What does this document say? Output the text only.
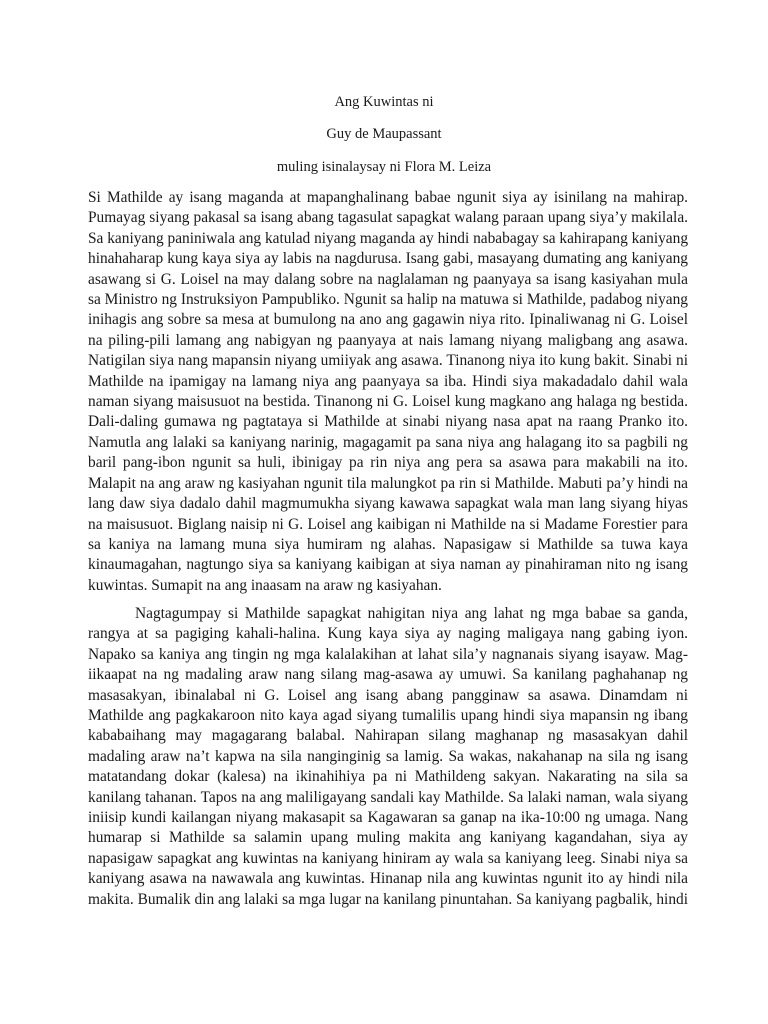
Ang Kuwintas ni
Guy de Maupassant
muling isinalaysay ni Flora M. Leiza
Si Mathilde ay isang maganda at mapanghalinang babae ngunit siya ay isinilang na mahirap.
Pumayag siyang pakasal sa isang abang tagasulat sapagkat walang paraan upang siya’y makilala.
Sa kaniyang paniniwala ang katulad niyang maganda ay hindi nababagay sa kahirapang kaniyang
hinahaharap kung kaya siya ay labis na nagdurusa. Isang gabi, masayang dumating ang kaniyang
asawang si G. Loisel na may dalang sobre na naglalaman ng paanyaya sa isang kasiyahan mula
sa Ministro ng Instruksiyon Pampubliko. Ngunit sa halip na matuwa si Mathilde, padabog niyang
inihagis ang sobre sa mesa at bumulong na ano ang gagawin niya rito. Ipinaliwanag ni G. Loisel
na piling-pili lamang ang nabigyan ng paanyaya at nais lamang niyang maligbang ang asawa.
Natigilan siya nang mapansin niyang umiiyak ang asawa. Tinanong niya ito kung bakit. Sinabi ni
Mathilde na ipamigay na lamang niya ang paanyaya sa iba. Hindi siya makadadalo dahil wala
naman siyang maisusuot na bestida. Tinanong ni G. Loisel kung magkano ang halaga ng bestida.
Dali-daling gumawa ng pagtataya si Mathilde at sinabi niyang nasa apat na raang Pranko ito.
Namutla ang lalaki sa kaniyang narinig, magagamit pa sana niya ang halagang ito sa pagbili ng
baril pang-ibon ngunit sa huli, ibinigay pa rin niya ang pera sa asawa para makabili na ito.
Malapit na ang araw ng kasiyahan ngunit tila malungkot pa rin si Mathilde. Mabuti pa’y hindi na
lang daw siya dadalo dahil magmumukha siyang kawawa sapagkat wala man lang siyang hiyas
na maisusuot. Biglang naisip ni G. Loisel ang kaibigan ni Mathilde na si Madame Forestier para
sa kaniya na lamang muna siya humiram ng alahas. Napasigaw si Mathilde sa tuwa kaya
kinaumagahan, nagtungo siya sa kaniyang kaibigan at siya naman ay pinahiraman nito ng isang
kuwintas. Sumapit na ang inaasam na araw ng kasiyahan.
Nagtagumpay si Mathilde sapagkat nahigitan niya ang lahat ng mga babae sa ganda,
rangya at sa pagiging kahali-halina. Kung kaya siya ay naging maligaya nang gabing iyon.
Napako sa kaniya ang tingin ng mga kalalakihan at lahat sila’y nagnanais siyang isayaw. Mag-
iikaapat na ng madaling araw nang silang mag-asawa ay umuwi. Sa kanilang paghahanap ng
masasakyan, ibinalabal ni G. Loisel ang isang abang pangginaw sa asawa. Dinamdam ni
Mathilde ang pagkakaroon nito kaya agad siyang tumalilis upang hindi siya mapansin ng ibang
kababaihang may magagarang balabal. Nahirapan silang maghanap ng masasakyan dahil
madaling araw na’t kapwa na sila nanginginig sa lamig. Sa wakas, nakahanap na sila ng isang
matatandang dokar (kalesa) na ikinahihiya pa ni Mathildeng sakyan. Nakarating na sila sa
kanilang tahanan. Tapos na ang maliligayang sandali kay Mathilde. Sa lalaki naman, wala siyang
iniisip kundi kailangan niyang makasapit sa Kagawaran sa ganap na ika-10:00 ng umaga. Nang
humarap si Mathilde sa salamin upang muling makita ang kaniyang kagandahan, siya ay
napasigaw sapagkat ang kuwintas na kaniyang hiniram ay wala sa kaniyang leeg. Sinabi niya sa
kaniyang asawa na nawawala ang kuwintas. Hinanap nila ang kuwintas ngunit ito ay hindi nila
makita. Bumalik din ang lalaki sa mga lugar na kanilang pinuntahan. Sa kaniyang pagbalik, hindi
